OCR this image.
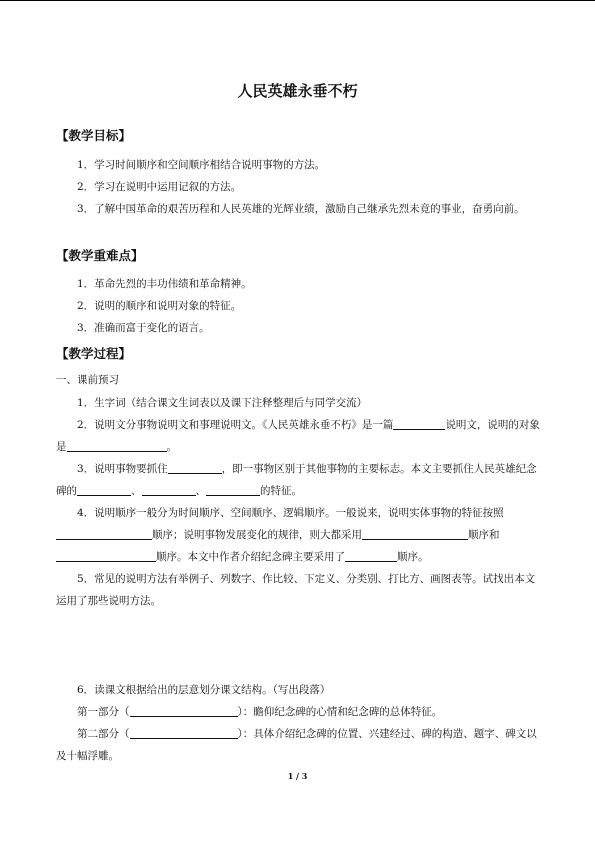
人民英雄永垂不朽
【教学目标】
1．学习时间顺序和空间顺序相结合说明事物的方法。
2．学习在说明中运用记叙的方法。
3．了解中国革命的艰苦历程和人民英雄的光辉业绩，激励自己继承先烈未竟的事业，奋勇向前。
【教学重难点】
1．革命先烈的丰功伟绩和革命精神。
2．说明的顺序和说明对象的特征。
3．准确而富于变化的语言。
【教学过程】
一、课前预习
1．生字词（结合课文生词表以及课下注释整理后与同学交流）
2．说明文分事物说明文和事理说明文。《人民英雄永垂不朽》是一篇	说明文，说明的对象是	。
3．说明事物要抓住	，即一事物区别于其他事物的主要标志。本文主要抓住人民英雄纪念碑的	、	、	的特征。
4．说明顺序一般分为时间顺序、空间顺序、逻辑顺序。一般说来，说明实体事物的特征按照顺序；说明事物发展变化的规律，则大都采用	顺序和顺序。本文中作者介绍纪念碑主要采用了	顺序。
5．常见的说明方法有举例子、列数字、作比较、下定义、分类别、打比方、画图表等。试找出本文运用了那些说明方法。
6．读课文根据给出的层意划分课文结构。（写出段落）
第一部分（	）：瞻仰纪念碑的心情和纪念碑的总体特征。
第二部分（	）：具体介绍纪念碑的位置、兴建经过、碑的构造、题字、碑文以及十幅浮雕。
1 / 3
